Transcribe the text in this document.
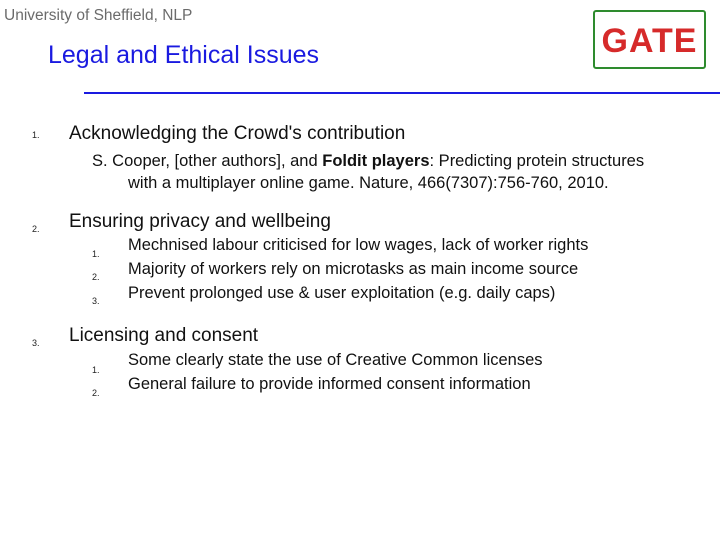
University of Sheffield, NLP
GATE
Legal and Ethical Issues
1. Acknowledging the Crowd's contribution
S. Cooper, [other authors], and Foldit players: Predicting protein structures
with a multiplayer online game. Nature, 466(7307):756-760, 2010.
2. Ensuring privacy and wellbeing
1. Mechnised labour criticised for low wages, lack of worker rights
2. Majority of workers rely on microtasks as main income source
3. Prevent prolonged use & user exploitation (e.g. daily caps)
3. Licensing and consent
1.
Some clearly state the use of Creative Common licenses
2. General failure to provide informed consent information
